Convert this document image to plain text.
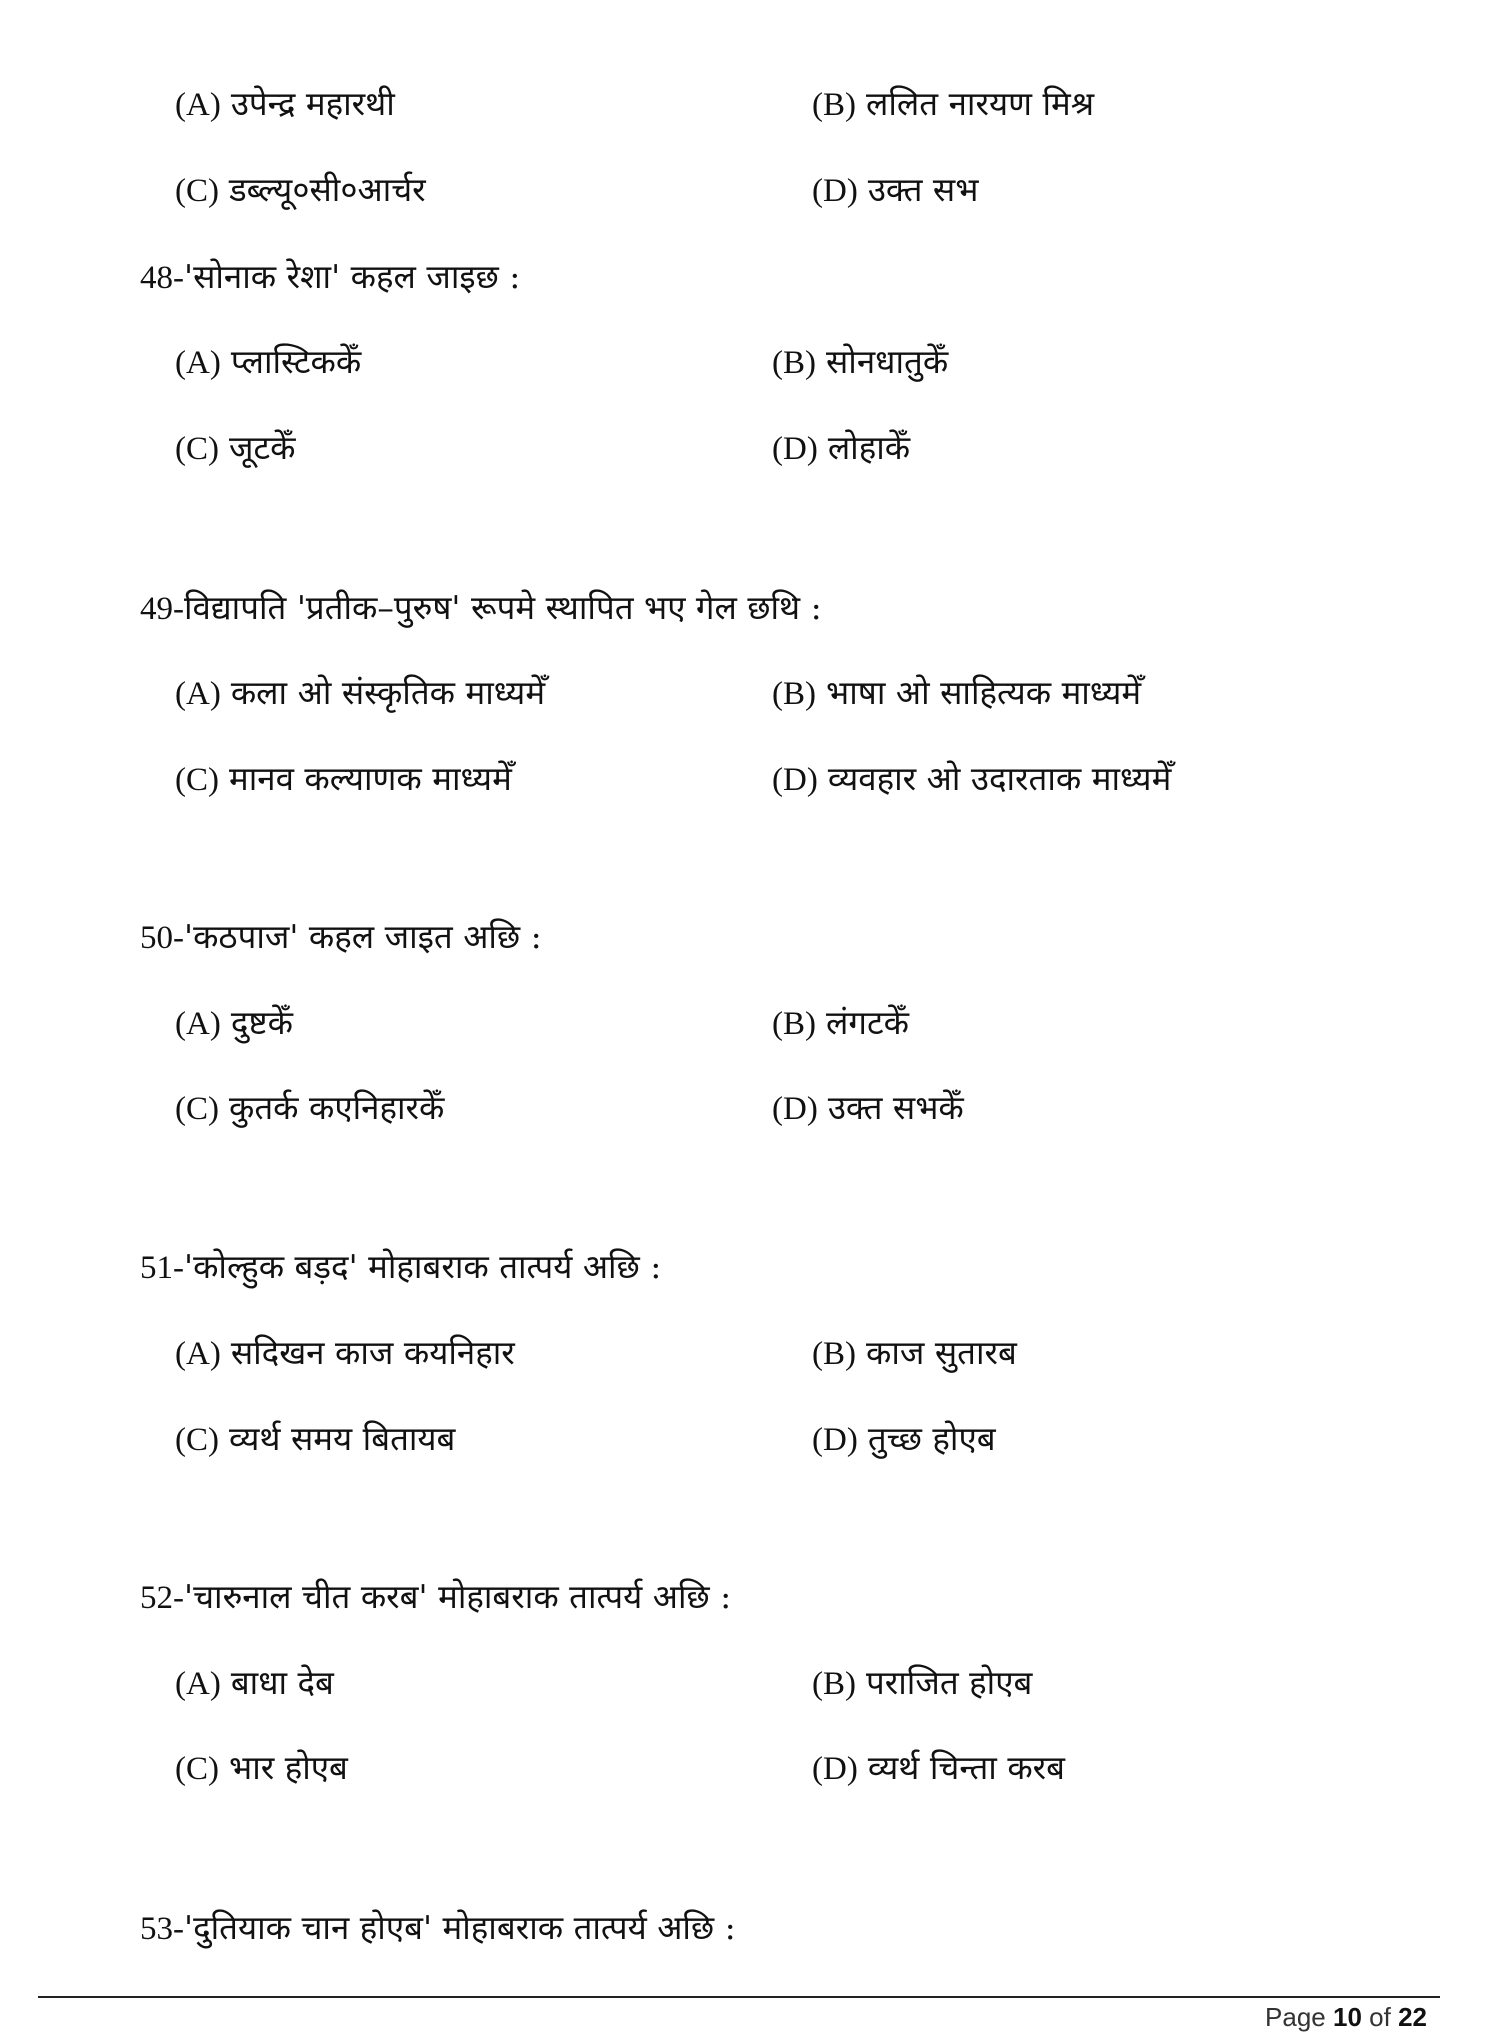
(A) उपेन्द्र महारथी	(B) ललित नारयण मिश्र
(C) डब्ल्यू०सी०आर्चर	(D) उक्त सभ
48-'सोनाक रेशा' कहल जाइछ :
(A) प्लास्टिककेँ	(B) सोनधातुकेँ
(C) जूटकेँ	(D) लोहाकेँ
49-विद्यापति 'प्रतीक–पुरुष' रूपमे स्थापित भए गेल छथि :
(A) कला ओ संस्कृतिक माध्यमेँ	(B) भाषा ओ साहित्यक माध्यमेँ
(C) मानव कल्याणक माध्यमेँ	(D) व्यवहार ओ उदारताक माध्यमेँ
50-'कठपाज' कहल जाइत अछि :
(A) दुष्टकेँ	(B) लंगटकेँ
(C) कुतर्क कएनिहारकेँ	(D) उक्त सभकेँ
51-'कोल्हुक बड़द' मोहाबराक तात्पर्य अछि :
(A) सदिखन काज कयनिहार	(B) काज सुतारब
(C) व्यर्थ समय बितायब	(D) तुच्छ होएब
52-'चारुनाल चीत करब' मोहाबराक तात्पर्य अछि :
(A) बाधा देब	(B) पराजित होएब
(C) भार होएब	(D) व्यर्थ चिन्ता करब
53-'दुतियाक चान होएब' मोहाबराक तात्पर्य अछि :
Page 10 of 22
